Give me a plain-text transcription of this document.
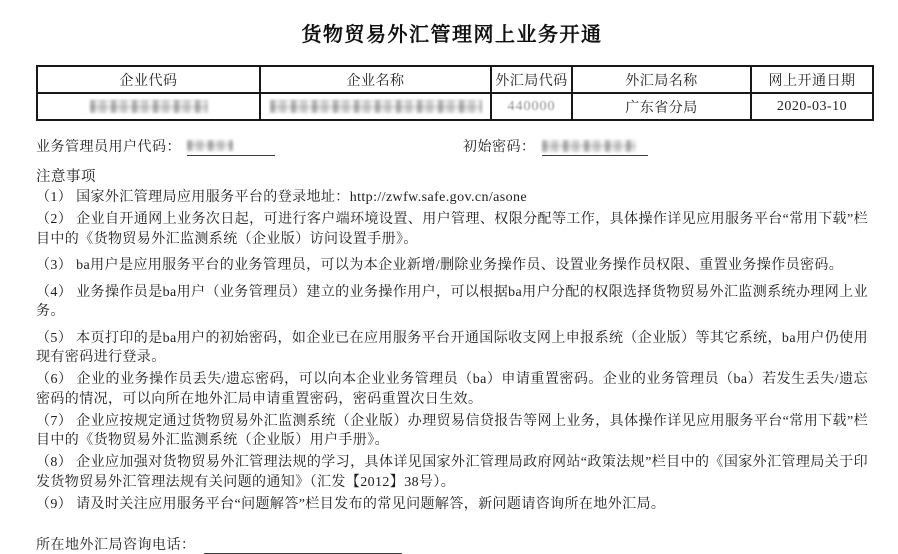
货物贸易外汇管理网上业务开通
企业代码	企业名称	外汇局代码	外汇局名称	网上开通日期
		440000	广东省分局	2020-03-10
业务管理员用户代码：	初始密码：
注意事项

（1） 国家外汇管理局应用服务平台的登录地址：http://zwfw.safe.gov.cn/asone

（2） 企业自开通网上业务次日起，可进行客户端环境设置、用户管理、权限分配等工作，具体操作详见应用服务平台“常用下载”栏目中的《货物贸易外汇监测系统（企业版）访问设置手册》。

（3） ba用户是应用服务平台的业务管理员，可以为本企业新增/删除业务操作员、设置业务操作员权限、重置业务操作员密码。

（4） 业务操作员是ba用户（业务管理员）建立的业务操作用户，可以根据ba用户分配的权限选择货物贸易外汇监测系统办理网上业务。

（5） 本页打印的是ba用户的初始密码，如企业已在应用服务平台开通国际收支网上申报系统（企业版）等其它系统，ba用户仍使用现有密码进行登录。

（6） 企业的业务操作员丢失/遗忘密码，可以向本企业业务管理员（ba）申请重置密码。企业的业务管理员（ba）若发生丢失/遗忘密码的情况，可以向所在地外汇局申请重置密码，密码重置次日生效。

（7） 企业应按规定通过货物贸易外汇监测系统（企业版）办理贸易信贷报告等网上业务，具体操作详见应用服务平台“常用下载”栏目中的《货物贸易外汇监测系统（企业版）用户手册》。

（8） 企业应加强对货物贸易外汇管理法规的学习，具体详见国家外汇管理局政府网站“政策法规”栏目中的《国家外汇管理局关于印发货物贸易外汇管理法规有关问题的通知》（汇发【2012】38号）。

（9） 请及时关注应用服务平台“问题解答”栏目发布的常见问题解答，新问题请咨询所在地外汇局。

所在地外汇局咨询电话：
